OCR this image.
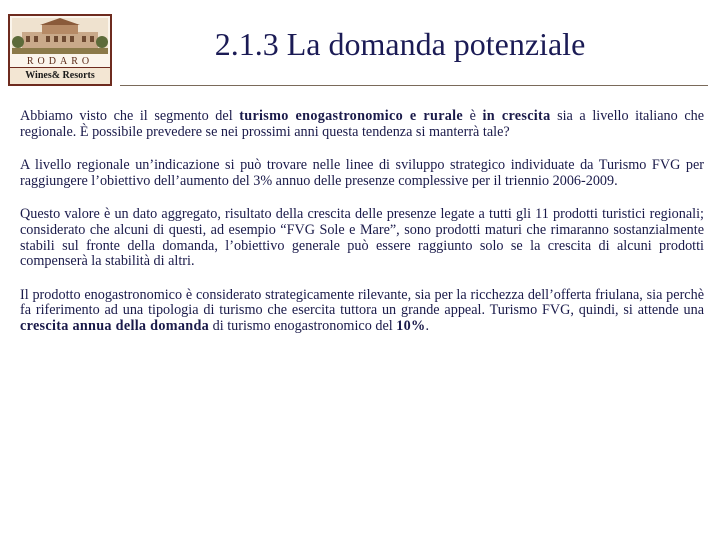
RODARO
Wines& Resorts
2.1.3 La domanda potenziale

Abbiamo visto che il segmento del turismo enogastronomico e rurale è in crescita sia a livello italiano che regionale. È possibile prevedere se nei prossimi anni questa tendenza si manterrà tale?

A livello regionale un’indicazione si può trovare nelle linee di sviluppo strategico individuate da Turismo FVG per raggiungere l’obiettivo dell’aumento del 3% annuo delle presenze complessive per il triennio 2006-2009.

Questo valore è un dato aggregato, risultato della crescita delle presenze legate a tutti gli 11 prodotti turistici regionali; considerato che alcuni di questi, ad esempio “FVG Sole e Mare”, sono prodotti maturi che rimaranno sostanzialmente stabili sul fronte della domanda, l’obiettivo generale può essere raggiunto solo se la crescita di alcuni prodotti compenserà la stabilità di altri.

Il prodotto enogastronomico è considerato strategicamente rilevante, sia per la ricchezza dell’offerta friulana, sia perchè fa riferimento ad una tipologia di turismo che esercita tuttora un grande appeal. Turismo FVG, quindi, si attende una crescita annua della domanda di turismo enogastronomico del 10%.
